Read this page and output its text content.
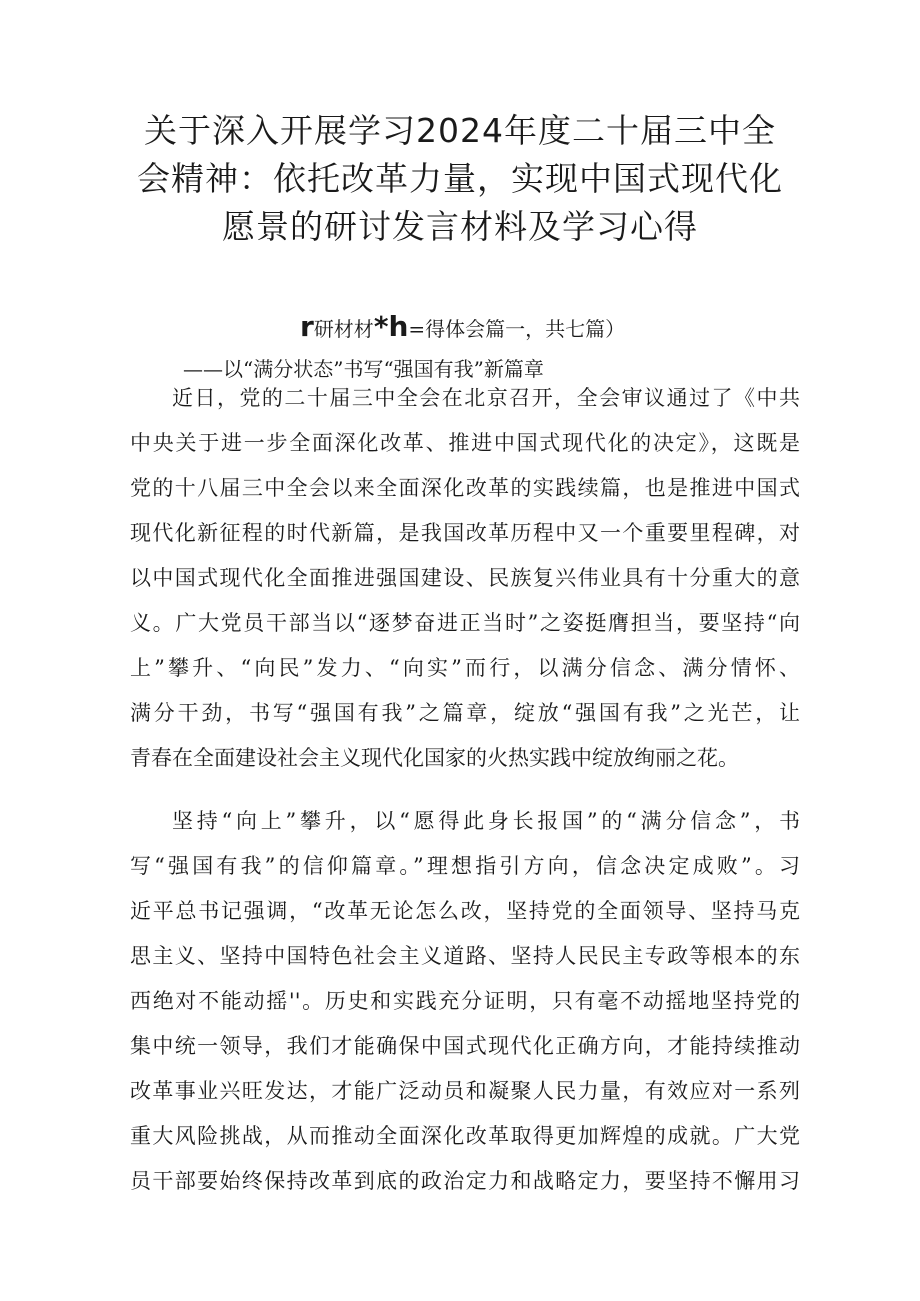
关于深入开展学习2024年度二十届三中全
会精神：依托改革力量，实现中国式现代化
愿景的研讨发言材料及学习心得
r研材材*h=得体会篇一，共七篇）
——以“满分状态”书写“强国有我”新篇章
近日，党的二十届三中全会在北京召开，全会审议通过了《中共
中央关于进一步全面深化改革、推进中国式现代化的决定》，这既是
党的十八届三中全会以来全面深化改革的实践续篇，也是推进中国式
现代化新征程的时代新篇，是我国改革历程中又一个重要里程碑，对
以中国式现代化全面推进强国建设、民族复兴伟业具有十分重大的意
义。广大党员干部当以“逐梦奋进正当时”之姿挺膺担当，要坚持“向
上”攀升、“向民”发力、“向实”而行，以满分信念、满分情怀、
满分干劲，书写“强国有我”之篇章，绽放“强国有我”之光芒，让
青春在全面建设社会主义现代化国家的火热实践中绽放绚丽之花。
坚持“向上”攀升，以“愿得此身长报国”的“满分信念”，书
写“强国有我”的信仰篇章。”理想指引方向，信念决定成败”。习
近平总书记强调，“改革无论怎么改，坚持党的全面领导、坚持马克
思主义、坚持中国特色社会主义道路、坚持人民民主专政等根本的东
西绝对不能动摇''。历史和实践充分证明，只有毫不动摇地坚持党的
集中统一领导，我们才能确保中国式现代化正确方向，才能持续推动
改革事业兴旺发达，才能广泛动员和凝聚人民力量，有效应对一系列
重大风险挑战，从而推动全面深化改革取得更加辉煌的成就。广大党
员干部要始终保持改革到底的政治定力和战略定力，要坚持不懈用习
